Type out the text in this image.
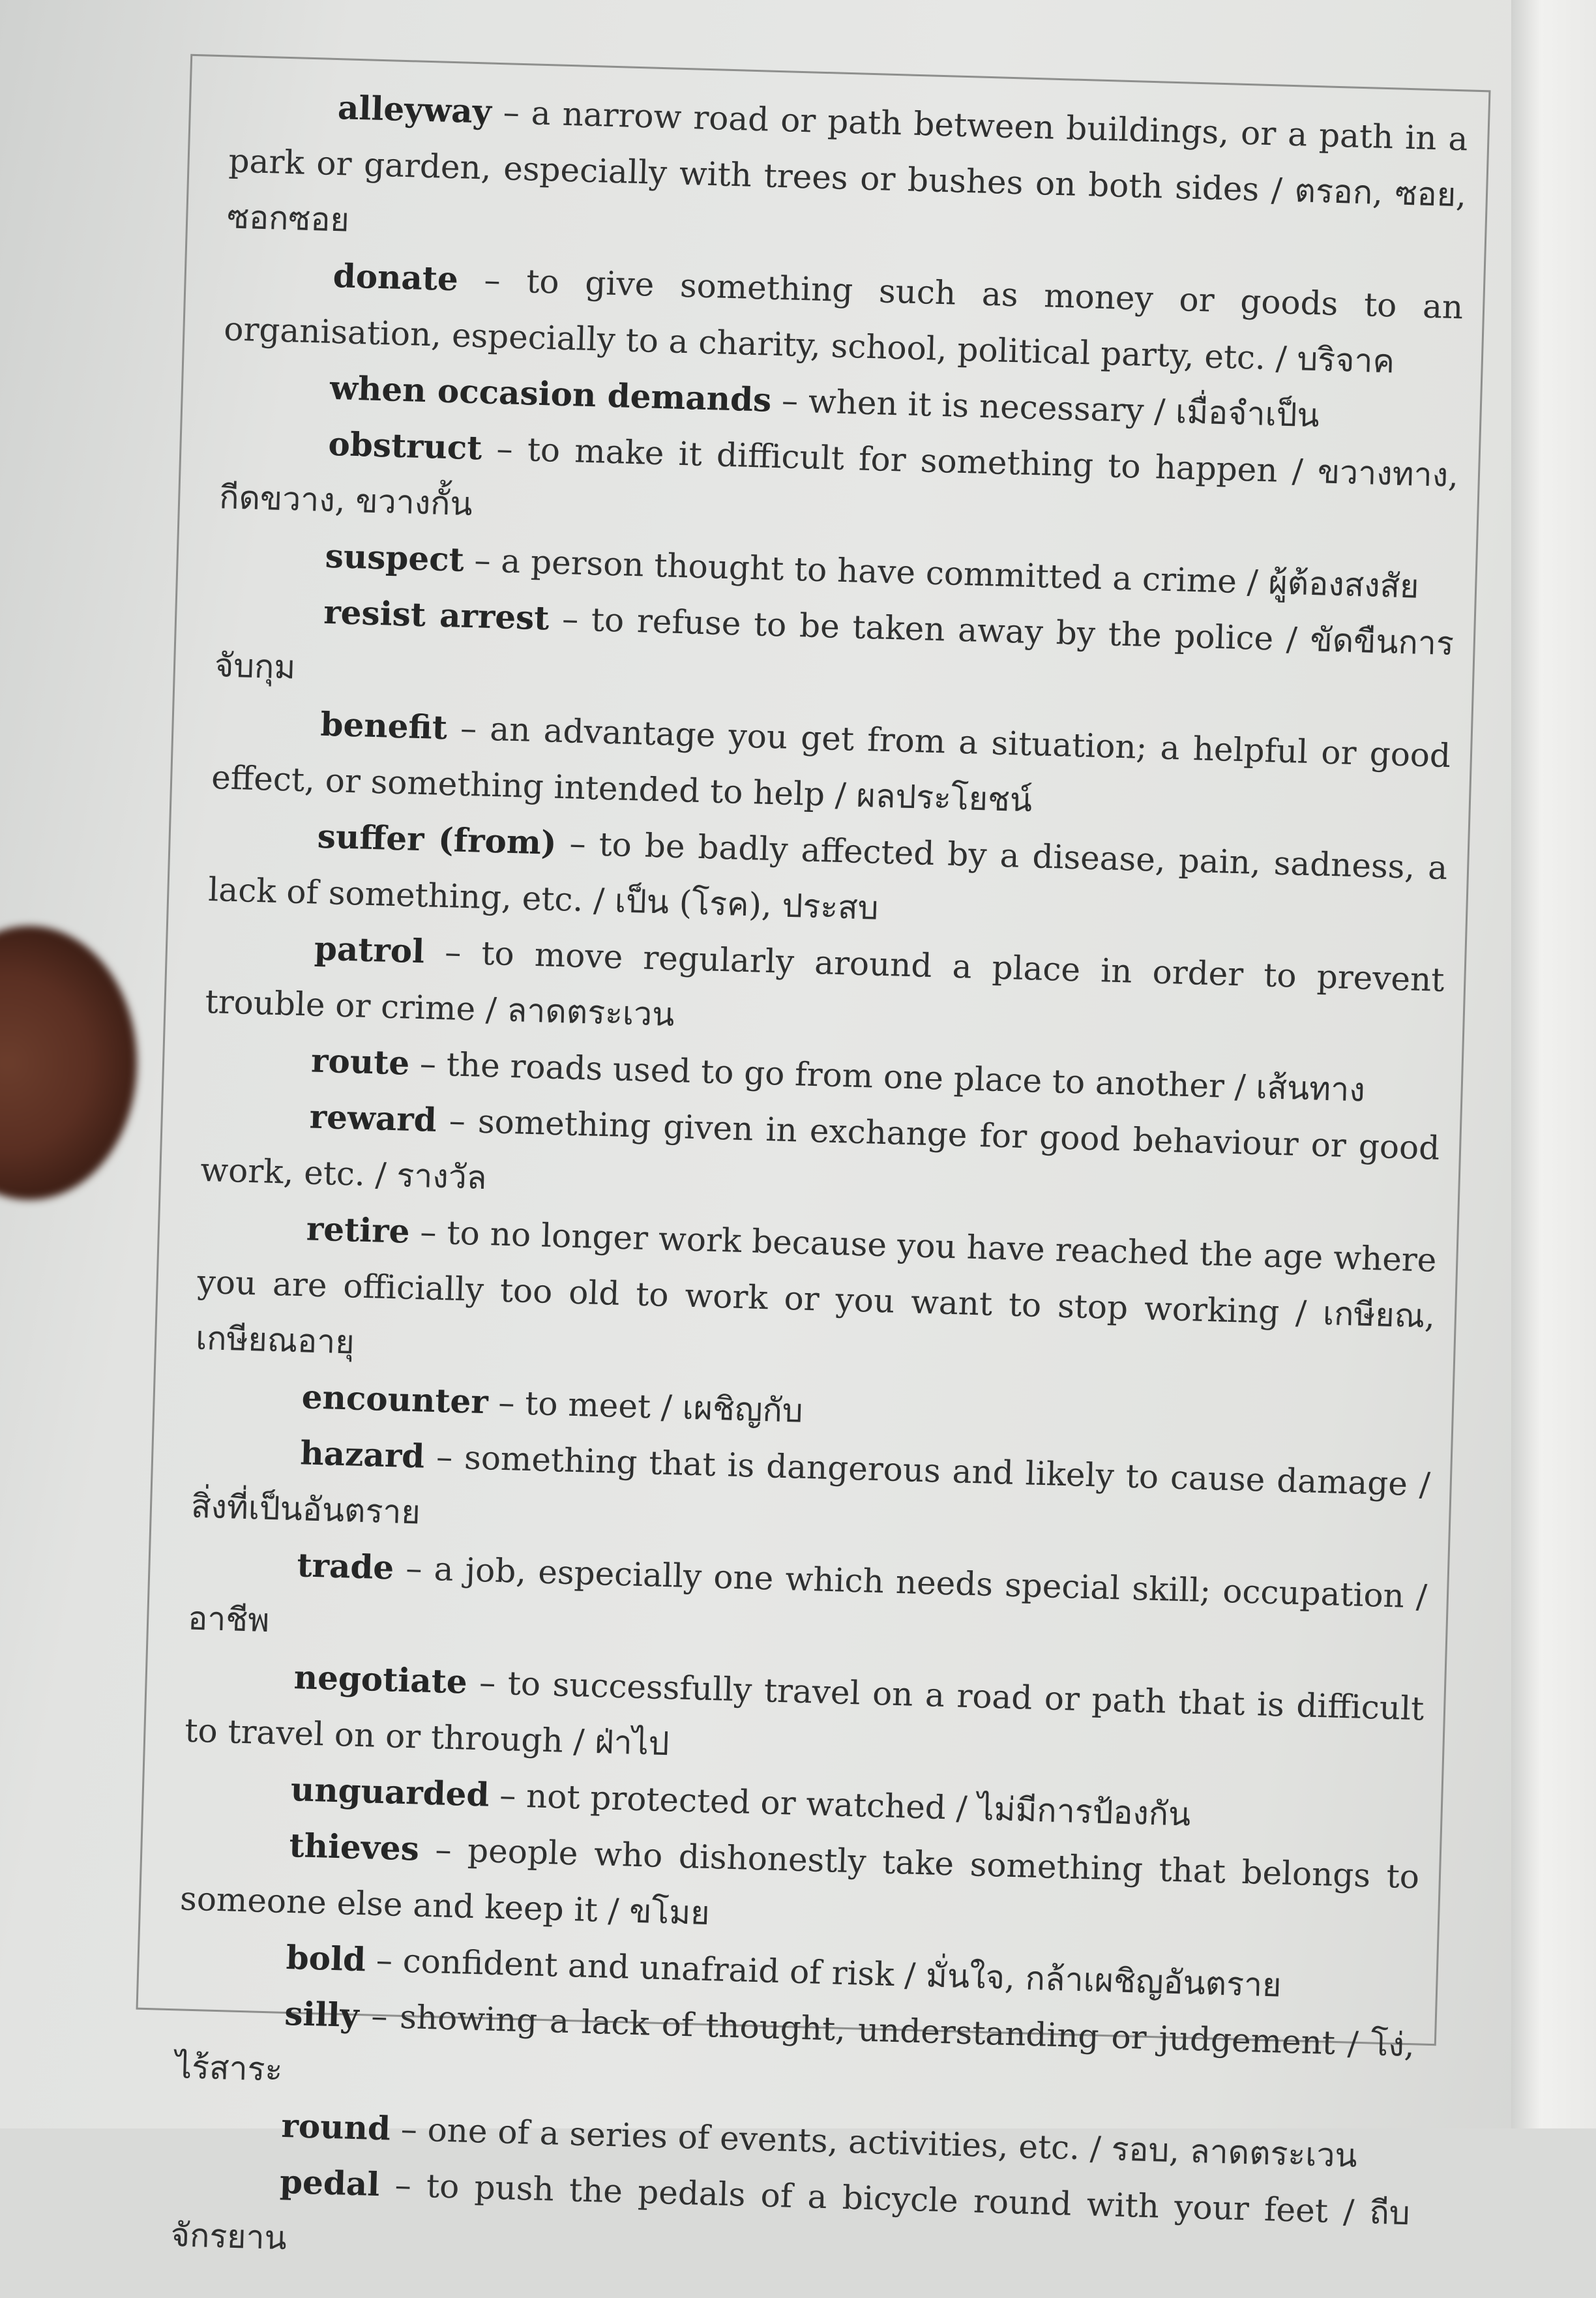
alleyway – a narrow road or path between buildings, or a path in a park or garden, especially with trees or bushes on both sides / ตรอก, ซอย, ซอกซอย

donate – to give something such as money or goods to an organisation, especially to a charity, school, political party, etc. / บริจาค

when occasion demands – when it is necessary / เมื่อจำเป็น

obstruct – to make it difficult for something to happen / ขวางทาง, กีดขวาง, ขวางกั้น

suspect – a person thought to have committed a crime / ผู้ต้องสงสัย

resist arrest – to refuse to be taken away by the police / ขัดขืนการจับกุม

benefit – an advantage you get from a situation; a helpful or good effect, or something intended to help / ผลประโยชน์

suffer (from) – to be badly affected by a disease, pain, sadness, a lack of something, etc. / เป็น (โรค), ประสบ

patrol – to move regularly around a place in order to prevent trouble or crime / ลาดตระเวน

route – the roads used to go from one place to another / เส้นทาง

reward – something given in exchange for good behaviour or good work, etc. / รางวัล

retire – to no longer work because you have reached the age where you are officially too old to work or you want to stop working / เกษียณ, เกษียณอายุ

encounter – to meet / เผชิญกับ

hazard – something that is dangerous and likely to cause damage / สิ่งที่เป็นอันตราย

trade – a job, especially one which needs special skill; occupation / อาชีพ

negotiate – to successfully travel on a road or path that is difficult to travel on or through / ฝ่าไป

unguarded – not protected or watched / ไม่มีการป้องกัน

thieves – people who dishonestly take something that belongs to someone else and keep it / ขโมย

bold – confident and unafraid of risk / มั่นใจ, กล้าเผชิญอันตราย

silly – showing a lack of thought, understanding or judgement / โง่, ไร้สาระ

round – one of a series of events, activities, etc. / รอบ, ลาดตระเวน

pedal – to push the pedals of a bicycle round with your feet / ถีบจักรยาน
